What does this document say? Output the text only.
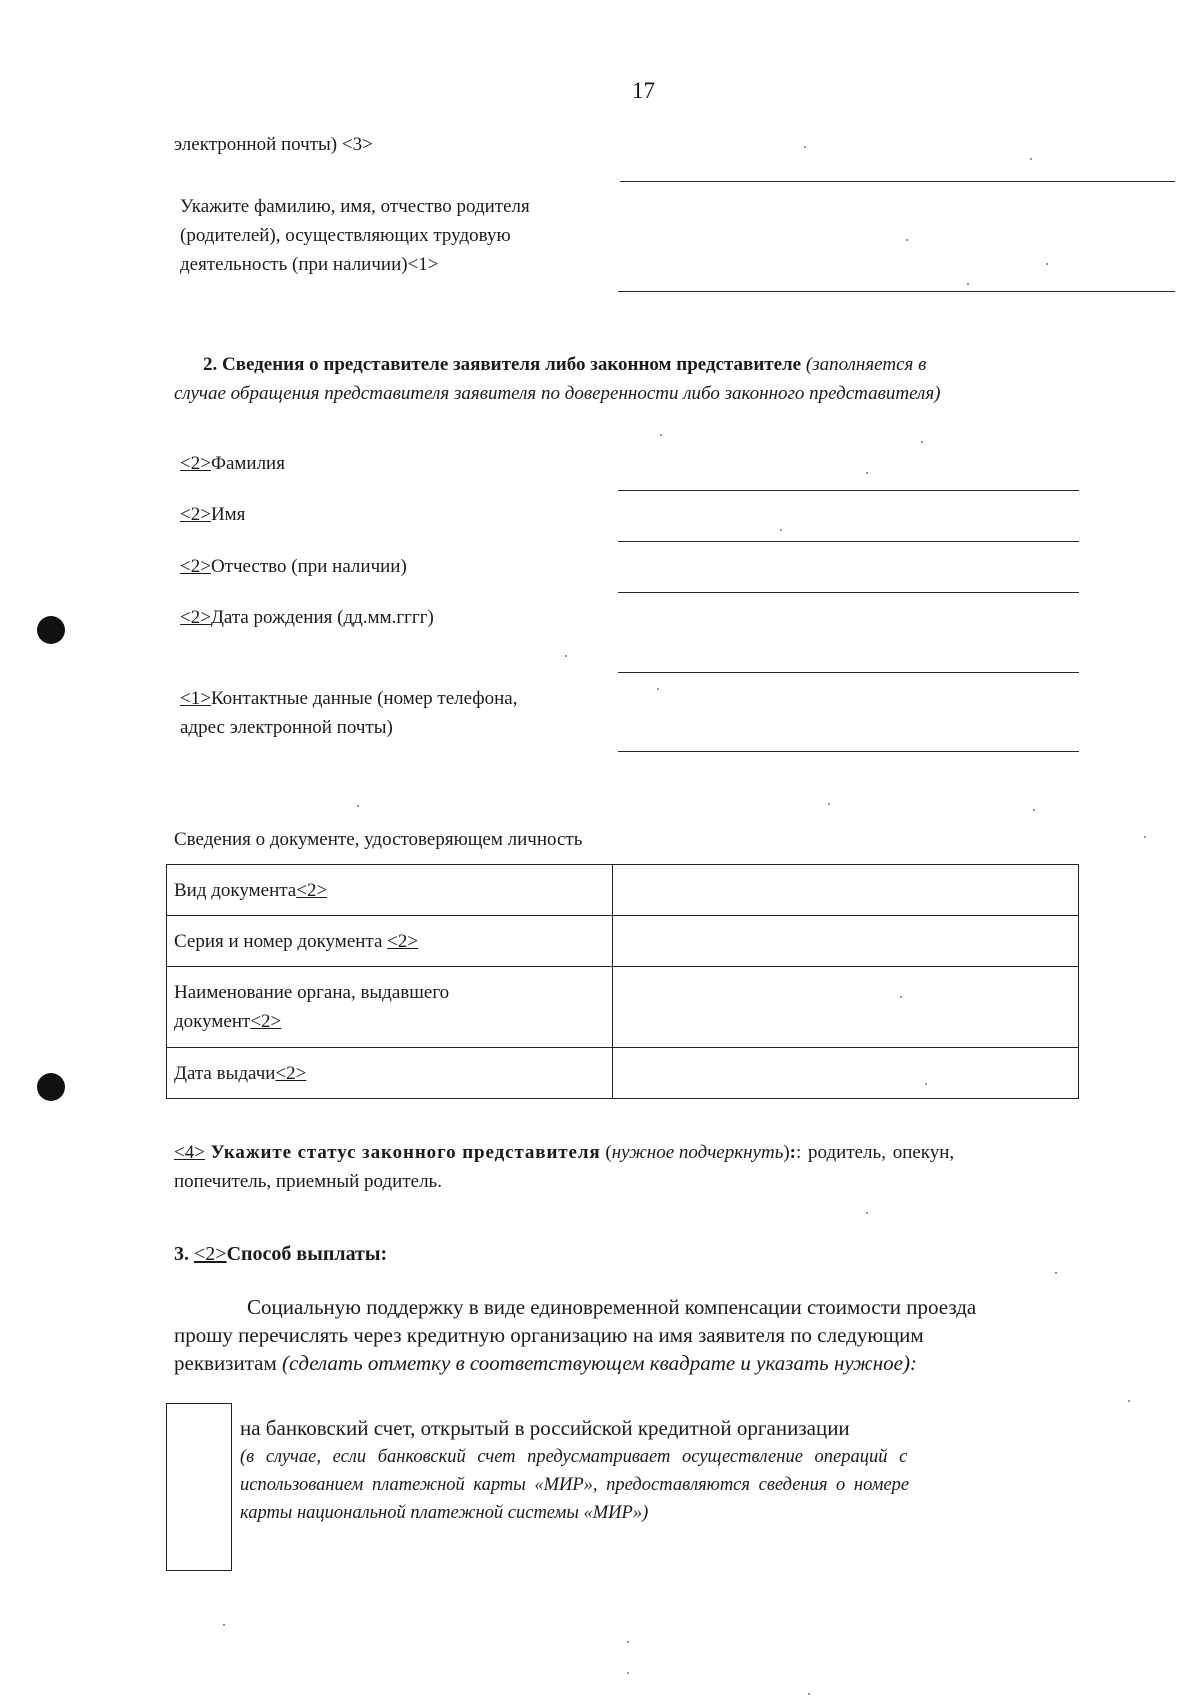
17
электронной почты) <3>
Укажите фамилию, имя, отчество родителя
(родителей), осуществляющих трудовую
деятельность (при наличии)<1>
2. Сведения о представителе заявителя либо законном представителе (заполняется в
случае обращения представителя заявителя по доверенности либо законного представителя)
<2>Фамилия
<2>Имя
<2>Отчество (при наличии)
<2>Дата рождения (дд.мм.гггг)
<1>Контактные данные (номер телефона,
адрес электронной почты)
Сведения о документе, удостоверяющем личность
Вид документа<2>	
Серия и номер документа <2>	
Наименование органа, выдавшего
документ<2>	
Дата выдачи<2>	
<4> Укажите статус законного представителя (нужное подчеркнуть):: родитель, опекун,
попечитель, приемный родитель.
3. <2>Способ выплаты:
Социальную поддержку в виде единовременной компенсации стоимости проезда
прошу перечислять через кредитную организацию на имя заявителя по следующим
реквизитам (сделать отметку в соответствующем квадрате и указать нужное):
на банковский счет, открытый в российской кредитной организации
(в случае, если банковский счет предусматривает осуществление операций с
использованием платежной карты «МИР», предоставляются сведения о номере
карты национальной платежной системы «МИР»)
